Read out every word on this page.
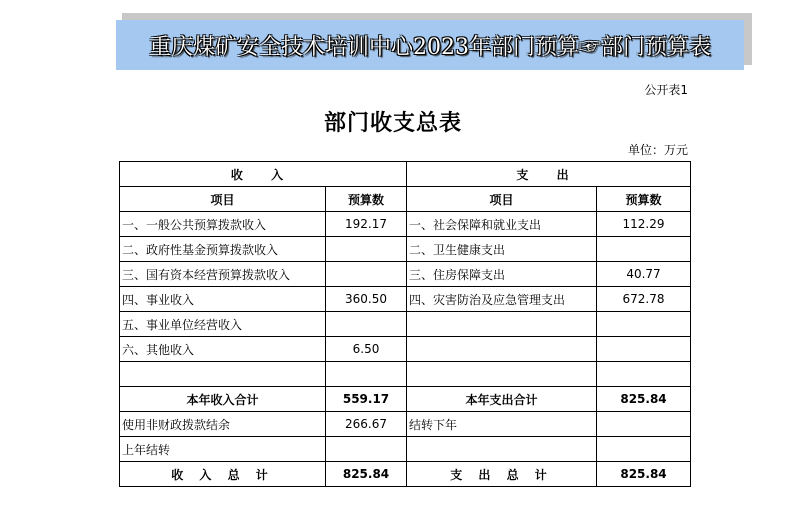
重庆煤矿安全技术培训中心2023年部门预算☞部门预算表
公开表1
部门收支总表
单位：万元
收 入		支 出	
项目	预算数	项目	预算数
一、一般公共预算拨款收入	192.17	一、社会保障和就业支出	112.29
二、政府性基金预算拨款收入		二、卫生健康支出	
三、国有资本经营预算拨款收入		三、住房保障支出	40.77
四、事业收入	360.50	四、灾害防治及应急管理支出	672.78
五、事业单位经营收入			
六、其他收入	6.50		

本年收入合计	559.17	本年支出合计	825.84
使用非财政拨款结余	266.67	结转下年	
上年结转			
收 入 总 计	825.84	支 出 总 计	825.84
